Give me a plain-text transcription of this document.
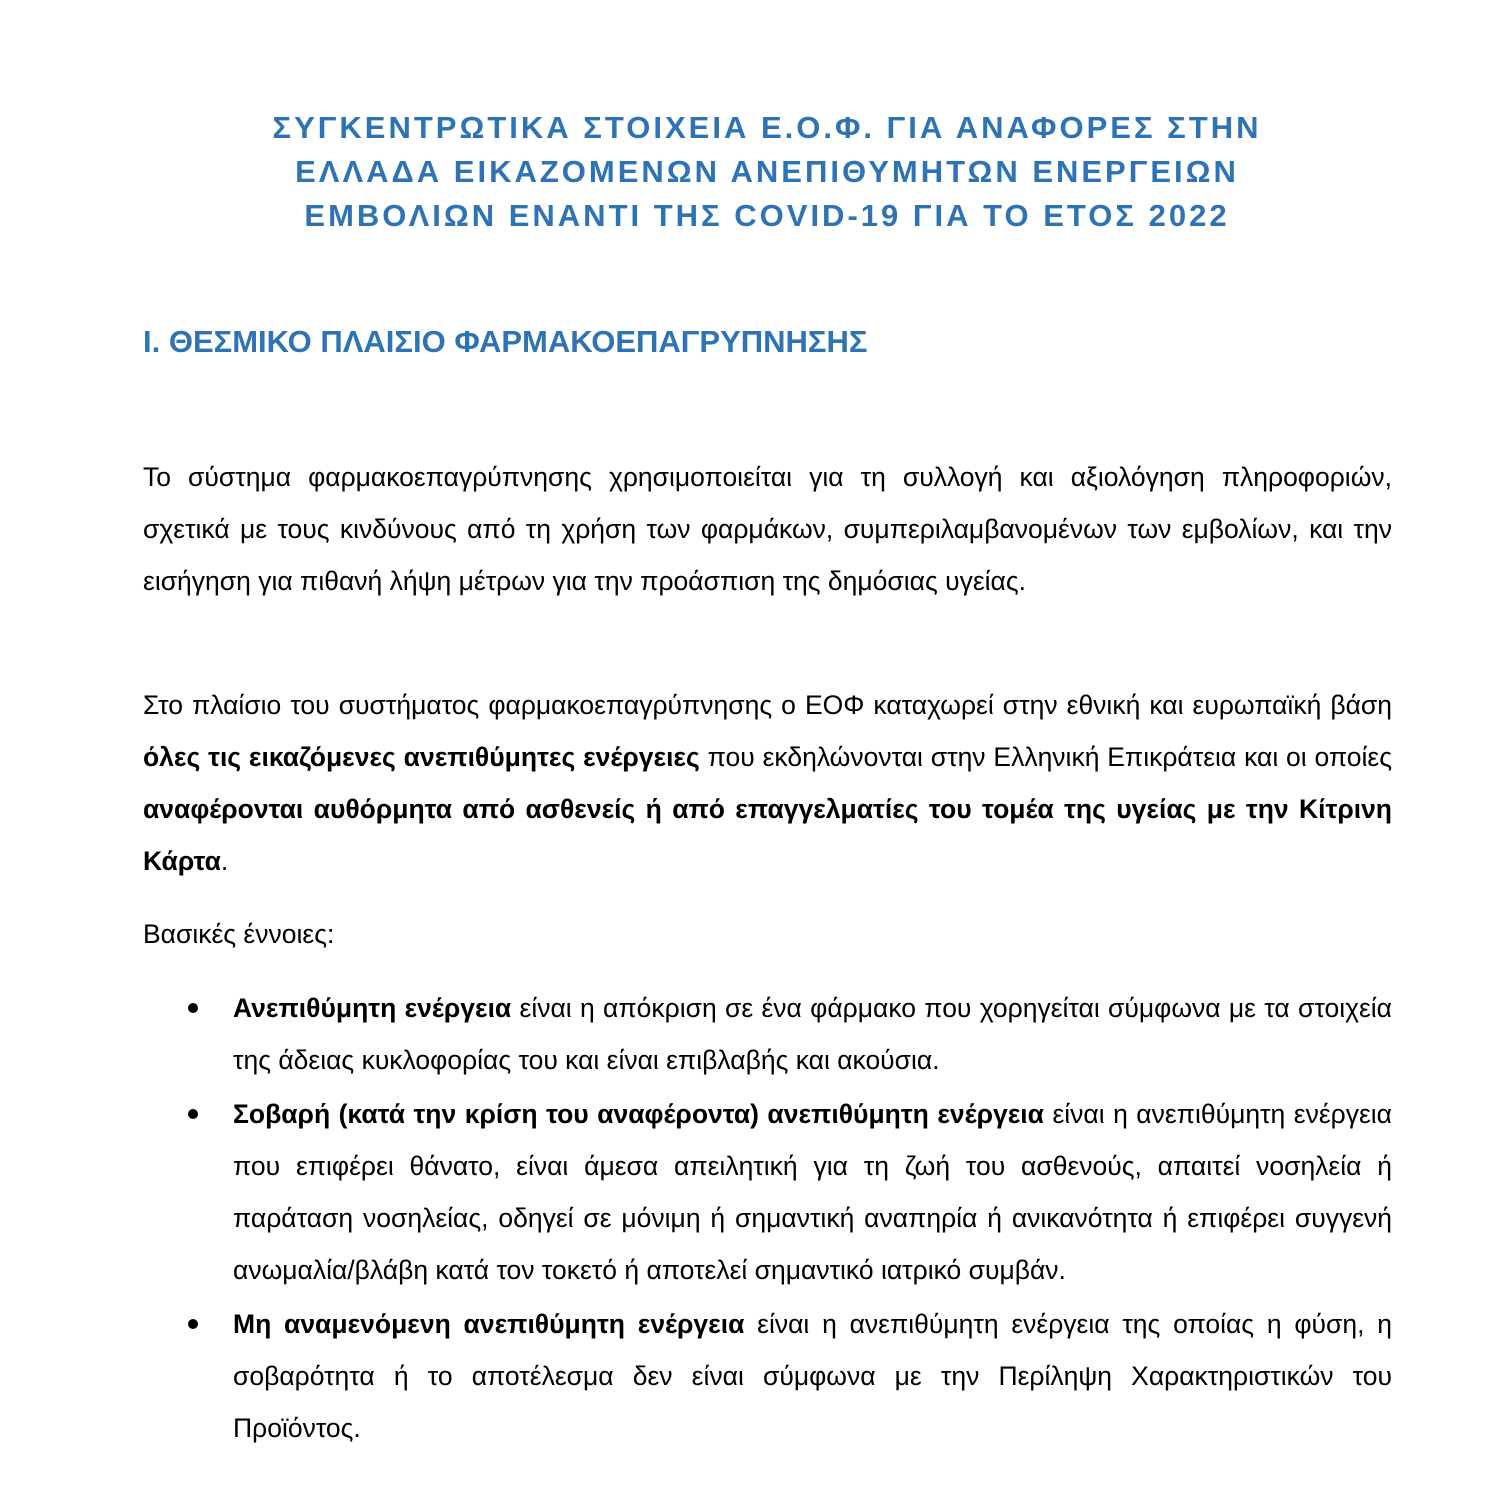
ΣΥΓΚΕΝΤΡΩΤΙΚΑ ΣΤΟΙΧΕΙΑ Ε.Ο.Φ. ΓΙΑ ΑΝΑΦΟΡΕΣ ΣΤΗΝ
ΕΛΛΑΔΑ ΕΙΚΑΖΟΜΕΝΩΝ ΑΝΕΠΙΘΥΜΗΤΩΝ ΕΝΕΡΓΕΙΩΝ
ΕΜΒΟΛΙΩΝ ΕΝΑΝΤΙ ΤΗΣ COVID-19 ΓΙΑ ΤΟ ΕΤΟΣ 2022
I. ΘΕΣΜΙΚΟ ΠΛΑΙΣΙΟ ΦΑΡΜΑΚΟΕΠΑΓΡΥΠΝΗΣΗΣ

Το σύστημα φαρμακοεπαγρύπνησης χρησιμοποιείται για τη συλλογή και αξιολόγηση πληροφοριών, σχετικά με τους κινδύνους από τη χρήση των φαρμάκων, συμπεριλαμβανομένων των εμβολίων, και την εισήγηση για πιθανή λήψη μέτρων για την προάσπιση της δημόσιας υγείας.

Στο πλαίσιο του συστήματος φαρμακοεπαγρύπνησης ο ΕΟΦ καταχωρεί στην εθνική και ευρωπαϊκή βάση όλες τις εικαζόμενες ανεπιθύμητες ενέργειες που εκδηλώνονται στην Ελληνική Επικράτεια και οι οποίες αναφέρονται αυθόρμητα από ασθενείς ή από επαγγελματίες του τομέα της υγείας με την Κίτρινη Κάρτα.

Βασικές έννοιες:

Ανεπιθύμητη ενέργεια είναι η απόκριση σε ένα φάρμακο που χορηγείται σύμφωνα με τα στοιχεία της άδειας κυκλοφορίας του και είναι επιβλαβής και ακούσια.
Σοβαρή (κατά την κρίση του αναφέροντα) ανεπιθύμητη ενέργεια είναι η ανεπιθύμητη ενέργεια που επιφέρει θάνατο, είναι άμεσα απειλητική για τη ζωή του ασθενούς, απαιτεί νοσηλεία ή παράταση νοσηλείας, οδηγεί σε μόνιμη ή σημαντική αναπηρία ή ανικανότητα ή επιφέρει συγγενή ανωμαλία/βλάβη κατά τον τοκετό ή αποτελεί σημαντικό ιατρικό συμβάν.
Μη αναμενόμενη ανεπιθύμητη ενέργεια είναι η ανεπιθύμητη ενέργεια της οποίας η φύση, η σοβαρότητα ή το αποτέλεσμα δεν είναι σύμφωνα με την Περίληψη Χαρακτηριστικών του Προϊόντος.
